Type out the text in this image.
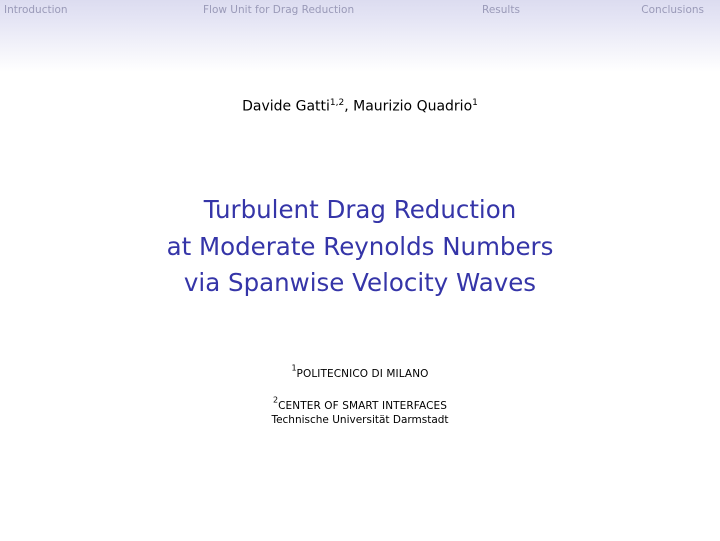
Introduction	Flow Unit for Drag Reduction	Results	Conclusions
Davide Gatti$^{1,2}$, Maurizio Quadrio$^1$
Turbulent Drag Reduction
at Moderate Reynolds Numbers
via Spanwise Velocity Waves
$^1$POLITECNICO DI MILANO
$^2$CENTER OF SMART INTERFACES
Technische Universität Darmstadt
